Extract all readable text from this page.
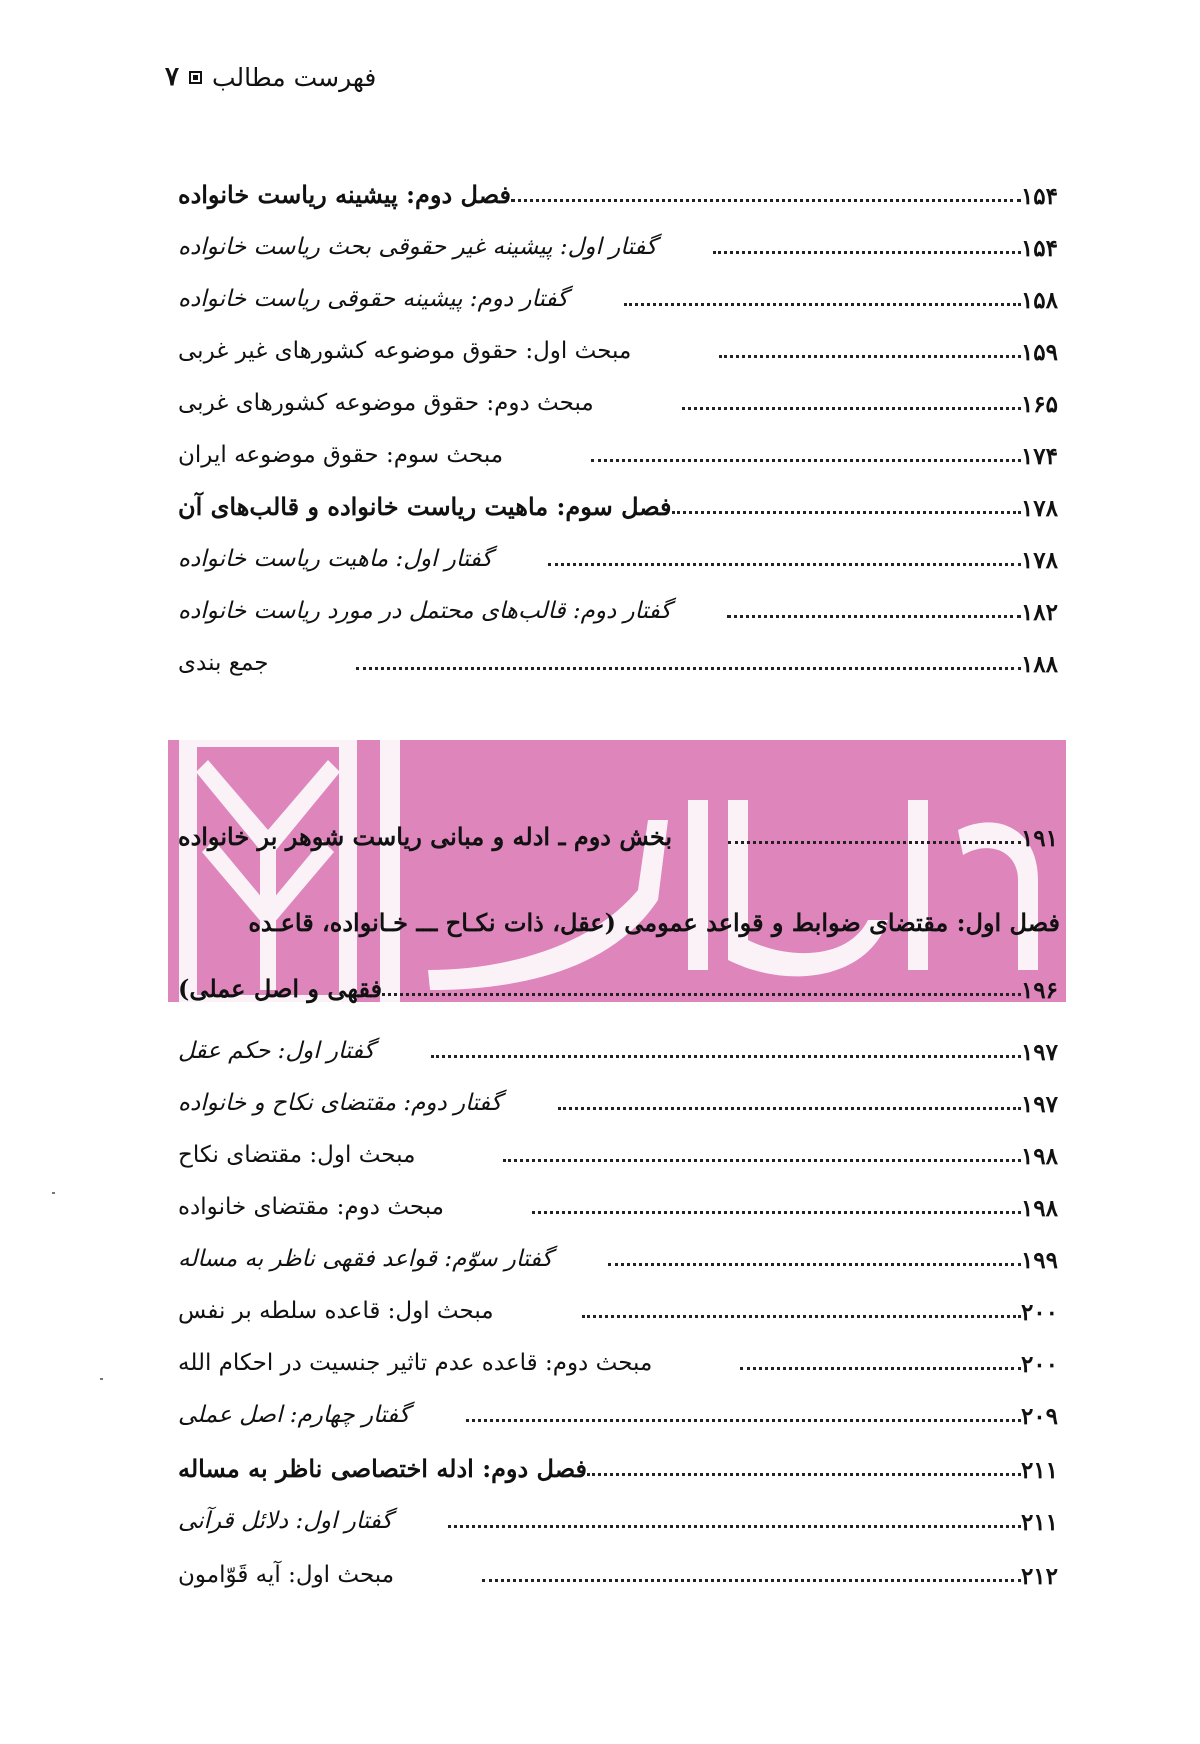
فهرست مطالب
۷
فصل دوم: پیشینه ریاست خانواده	۱۵۴
گفتار اول: پیشینه غیر حقوقی بحث ریاست خانواده	۱۵۴
گفتار دوم: پیشینه حقوقی ریاست خانواده	۱۵۸
مبحث اول: حقوق موضوعه کشورهای غیر غربی	۱۵۹
مبحث دوم: حقوق موضوعه کشورهای غربی	۱۶۵
مبحث سوم: حقوق موضوعه ایران	۱۷۴
فصل سوم: ماهیت ریاست خانواده و قالب‌های آن	۱۷۸
گفتار اول: ماهیت ریاست خانواده	۱۷۸
گفتار دوم: قالب‌های محتمل در مورد ریاست خانواده	۱۸۲
جمع بندی	۱۸۸
بخش دوم ـ ادله و مبانی ریاست شوهر بر خانواده	۱۹۱
فصل اول: مقتضای ضوابط و قواعد عمومی (عقل، ذات نکـاح ـــ خـانواده، قاعـده
فقهی و اصل عملی)	۱۹۶
گفتار اول: حکم عقل	۱۹۷
گفتار دوم: مقتضای نکاح و خانواده	۱۹۷
مبحث اول: مقتضای نکاح	۱۹۸
مبحث دوم: مقتضای خانواده	۱۹۸
گفتار سوّم: قواعد فقهی ناظر به مساله	۱۹۹
مبحث اول: قاعده سلطه بر نفس	۲۰۰
مبحث دوم: قاعده عدم تاثیر جنسیت در احکام الله	۲۰۰
گفتار چهارم: اصل عملی	۲۰۹
فصل دوم: ادله اختصاصی ناظر به مساله	۲۱۱
گفتار اول: دلائل قرآنی	۲۱۱
مبحث اول: آیه قَوّامون	۲۱۲
